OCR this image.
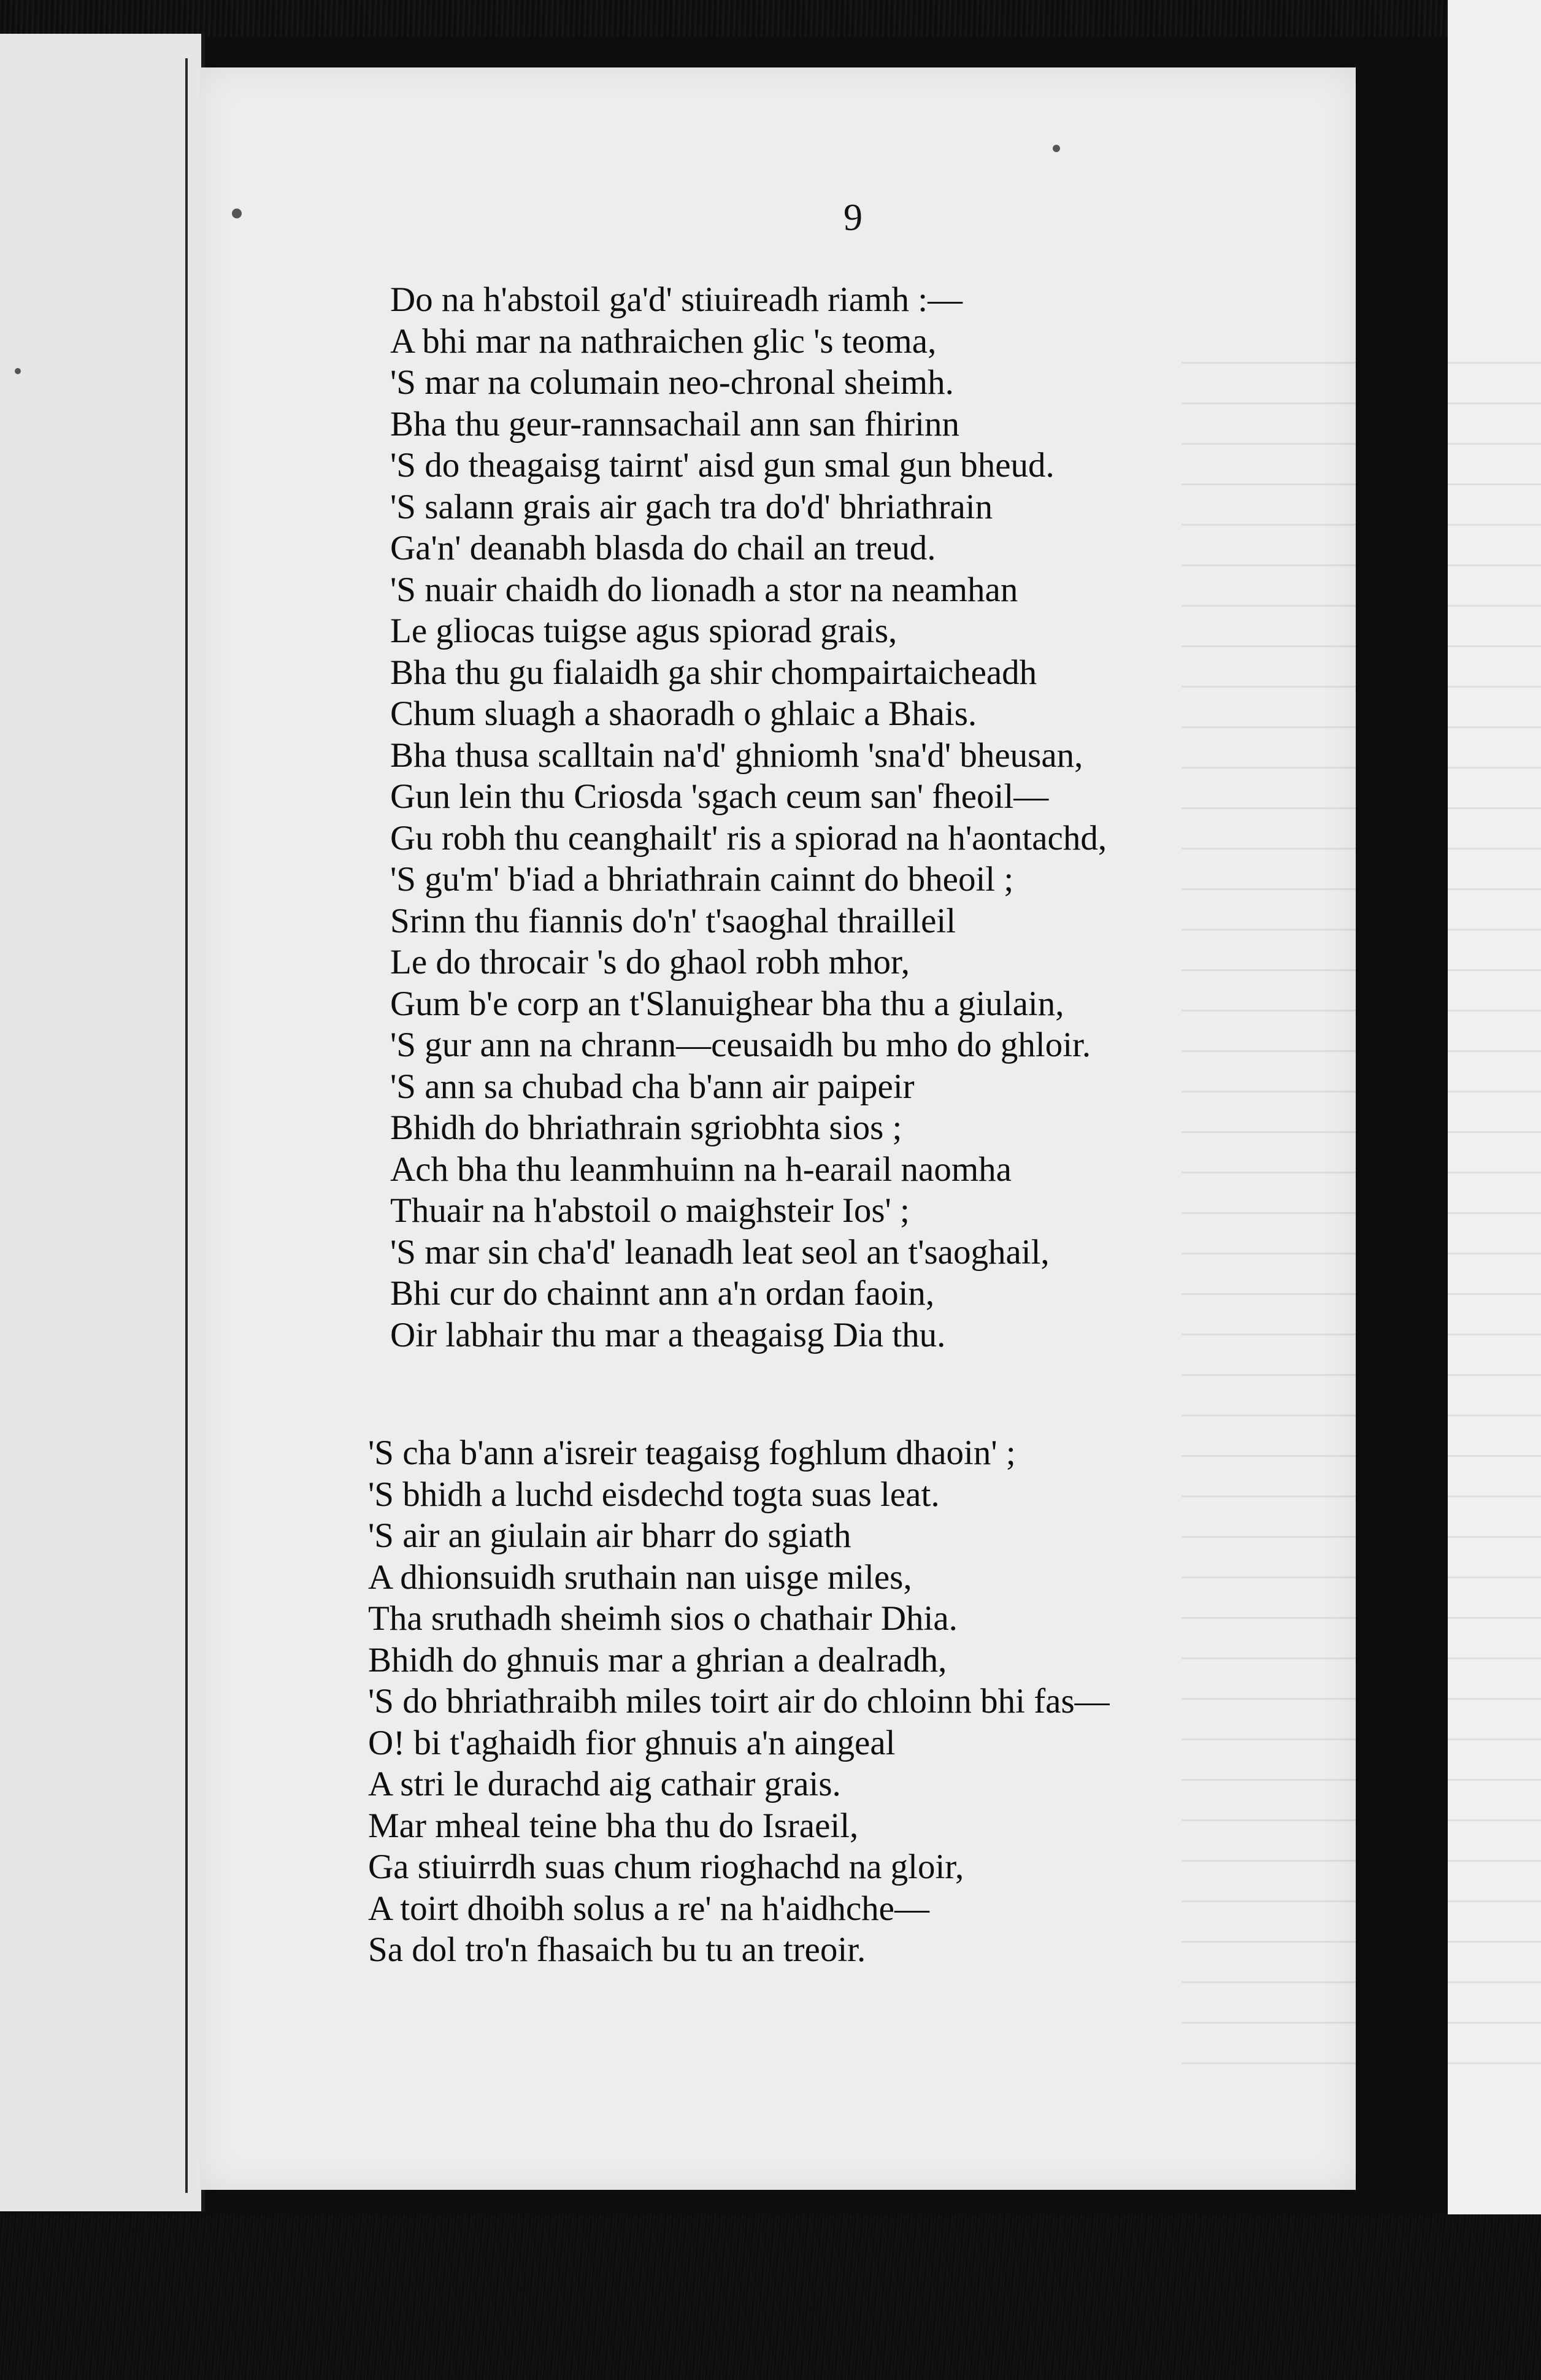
9
Do na h'abstoil ga'd' stiuireadh riamh :—
A bhi mar na nathraichen glic 's teoma,
'S mar na columain neo-chronal sheimh.
Bha thu geur-rannsachail ann san fhirinn
'S do theagaisg tairnt' aisd gun smal gun bheud.
'S salann grais air gach tra do'd' bhriathrain
Ga'n' deanabh blasda do chail an treud.
'S nuair chaidh do lionadh a stor na neamhan
Le gliocas tuigse agus spiorad grais,
Bha thu gu fialaidh ga shir chompairtaicheadh
Chum sluagh a shaoradh o ghlaic a Bhais.
Bha thusa scalltain na'd' ghniomh 'sna'd' bheusan,
Gun lein thu Criosda 'sgach ceum san' fheoil—
Gu robh thu ceanghailt' ris a spiorad na h'aontachd,
'S gu'm' b'iad a bhriathrain cainnt do bheoil ;
Srinn thu fiannis do'n' t'saoghal thrailleil
Le do throcair 's do ghaol robh mhor,
Gum b'e corp an t'Slanuighear bha thu a giulain,
'S gur ann na chrann—ceusaidh bu mho do ghloir.
'S ann sa chubad cha b'ann air paipeir
Bhidh do bhriathrain sgriobhta sios ;
Ach bha thu leanmhuinn na h-earail naomha
Thuair na h'abstoil o maighsteir Ios' ;
'S mar sin cha'd' leanadh leat seol an t'saoghail,
Bhi cur do chainnt ann a'n ordan faoin,
Oir labhair thu mar a theagaisg Dia thu.
'S cha b'ann a'isreir teagaisg foghlum dhaoin' ;
'S bhidh a luchd eisdechd togta suas leat.
'S air an giulain air bharr do sgiath
A dhionsuidh sruthain nan uisge miles,
Tha sruthadh sheimh sios o chathair Dhia.
Bhidh do ghnuis mar a ghrian a dealradh,
'S do bhriathraibh miles toirt air do chloinn bhi fas—
O! bi t'aghaidh fior ghnuis a'n aingeal
A stri le durachd aig cathair grais.
Mar mheal teine bha thu do Israeil,
Ga stiuirrdh suas chum rioghachd na gloir,
A toirt dhoibh solus a re' na h'aidhche—
Sa dol tro'n fhasaich bu tu an treoir.
